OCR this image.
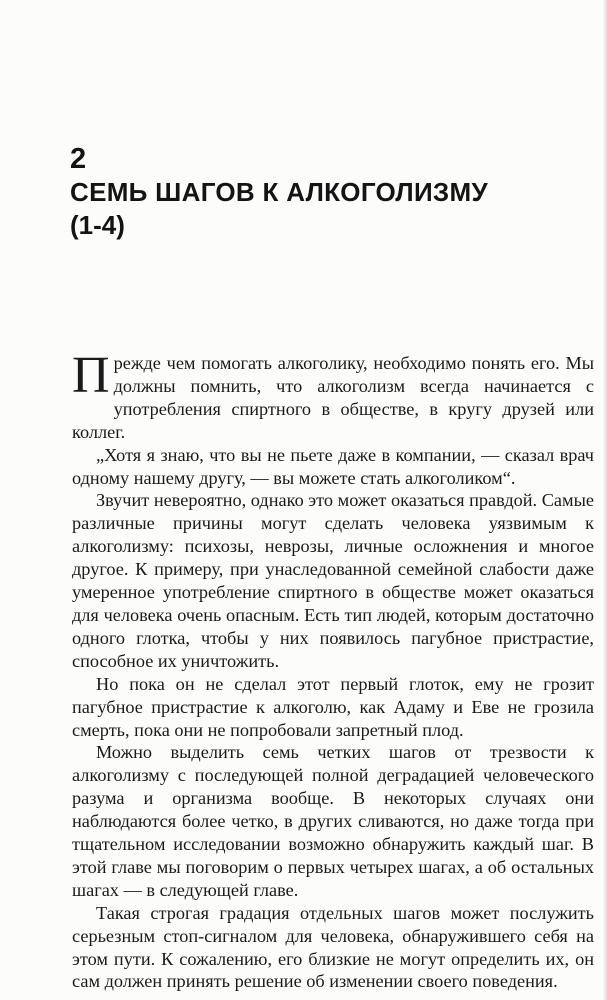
2
СЕМЬ ШАГОВ К АЛКОГОЛИЗМУ
(1-4)

Прежде чем помогать алкоголику, необходимо понять его. Мы должны помнить, что алкоголизм всегда начинается с употребления спиртного в обществе, в кругу друзей или коллег.

„Хотя я знаю, что вы не пьете даже в компании, — сказал врач одному нашему другу, — вы можете стать алкоголиком“.

Звучит невероятно, однако это может оказаться правдой. Самые различные причины могут сделать человека уязвимым к алкоголизму: психозы, неврозы, личные осложнения и многое другое. К примеру, при унаследованной семейной слабости даже умеренное употребление спиртного в обществе может оказаться для человека очень опасным. Есть тип людей, которым достаточно одного глотка, чтобы у них появилось пагубное пристрастие, способное их уничтожить.

Но пока он не сделал этот первый глоток, ему не грозит пагубное пристрастие к алкоголю, как Адаму и Еве не грозила смерть, пока они не попробовали запретный плод.

Можно выделить семь четких шагов от трезвости к алкоголизму с последующей полной деградацией человеческого разума и организма вообще. В некоторых случаях они наблюдаются более четко, в других сливаются, но даже тогда при тщательном исследовании возможно обнаружить каждый шаг. В этой главе мы поговорим о первых четырех шагах, а об остальных шагах — в следующей главе.

Такая строгая градация отдельных шагов может послужить серьезным стоп-сигналом для человека, обнаружившего себя на этом пути. К сожалению, его близкие не могут определить их, он сам должен принять решение об изменении своего поведения.
